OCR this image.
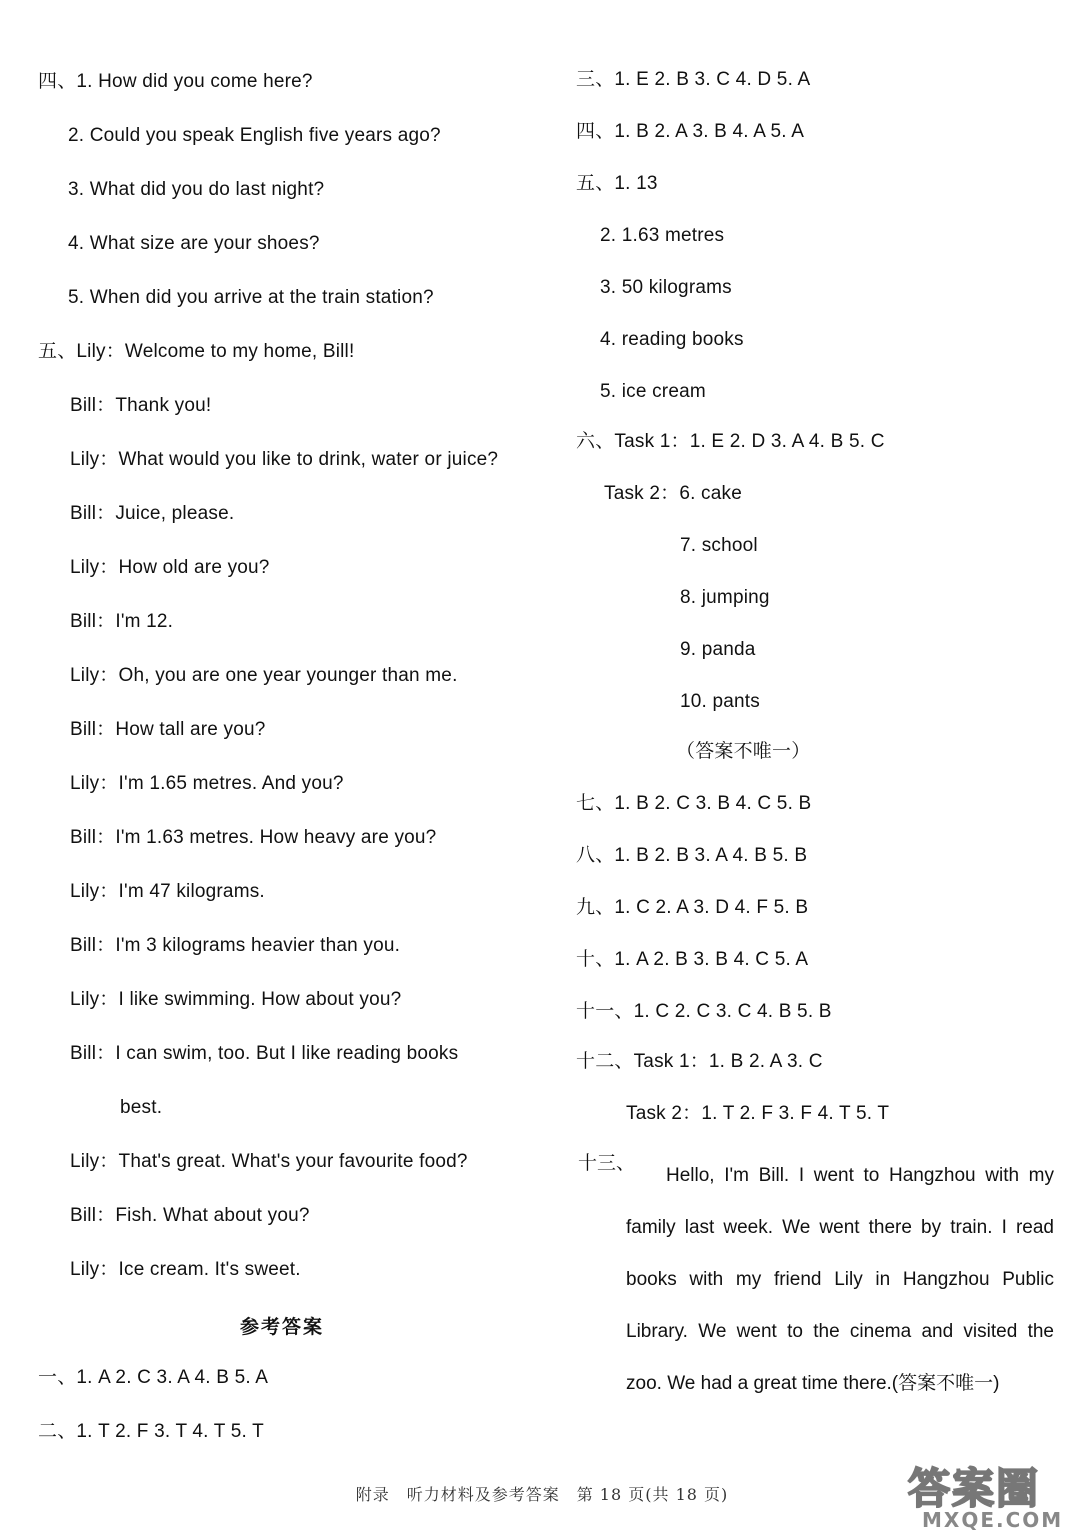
四、1. How did you come here?
2. Could you speak English five years ago?
3. What did you do last night?
4. What size are your shoes?
5. When did you arrive at the train station?
五、Lily：Welcome to my home, Bill!
Bill：Thank you!
Lily：What would you like to drink, water or juice?
Bill：Juice, please.
Lily：How old are you?
Bill：I'm 12.
Lily：Oh, you are one year younger than me.
Bill：How tall are you?
Lily：I'm 1.65 metres. And you?
Bill：I'm 1.63 metres. How heavy are you?
Lily：I'm 47 kilograms.
Bill：I'm 3 kilograms heavier than you.
Lily：I like swimming. How about you?
Bill：I can swim, too. But I like reading books
best.
Lily：That's great. What's your favourite food?
Bill：Fish. What about you?
Lily：Ice cream. It's sweet.
参考答案
一、1. A 2. C 3. A 4. B 5. A
二、1. T 2. F 3. T 4. T 5. T
三、1. E 2. B 3. C 4. D 5. A
四、1. B 2. A 3. B 4. A 5. A
五、1. 13
2. 1.63 metres
3. 50 kilograms
4. reading books
5. ice cream
六、Task 1：1. E 2. D 3. A 4. B 5. C
Task 2：6. cake
7. school
8. jumping
9. panda
10. pants
（答案不唯一）
七、1. B 2. C 3. B 4. C 5. B
八、1. B 2. B 3. A 4. B 5. B
九、1. C 2. A 3. D 4. F 5. B
十、1. A 2. B 3. B 4. C 5. A
十一、1. C 2. C 3. C 4. B 5. B
十二、Task 1：1. B 2. A 3. C
Task 2：1. T 2. F 3. F 4. T 5. T
十三、
Hello, I'm Bill. I went to Hangzhou with my family last week. We went there by train. I read books with my friend Lily in Hangzhou Public Library. We went to the cinema and visited the zoo. We had a great time there.(答案不唯一)
附录　听力材料及参考答案　第 18 页(共 18 页)	答案圈
MXQE.COM
